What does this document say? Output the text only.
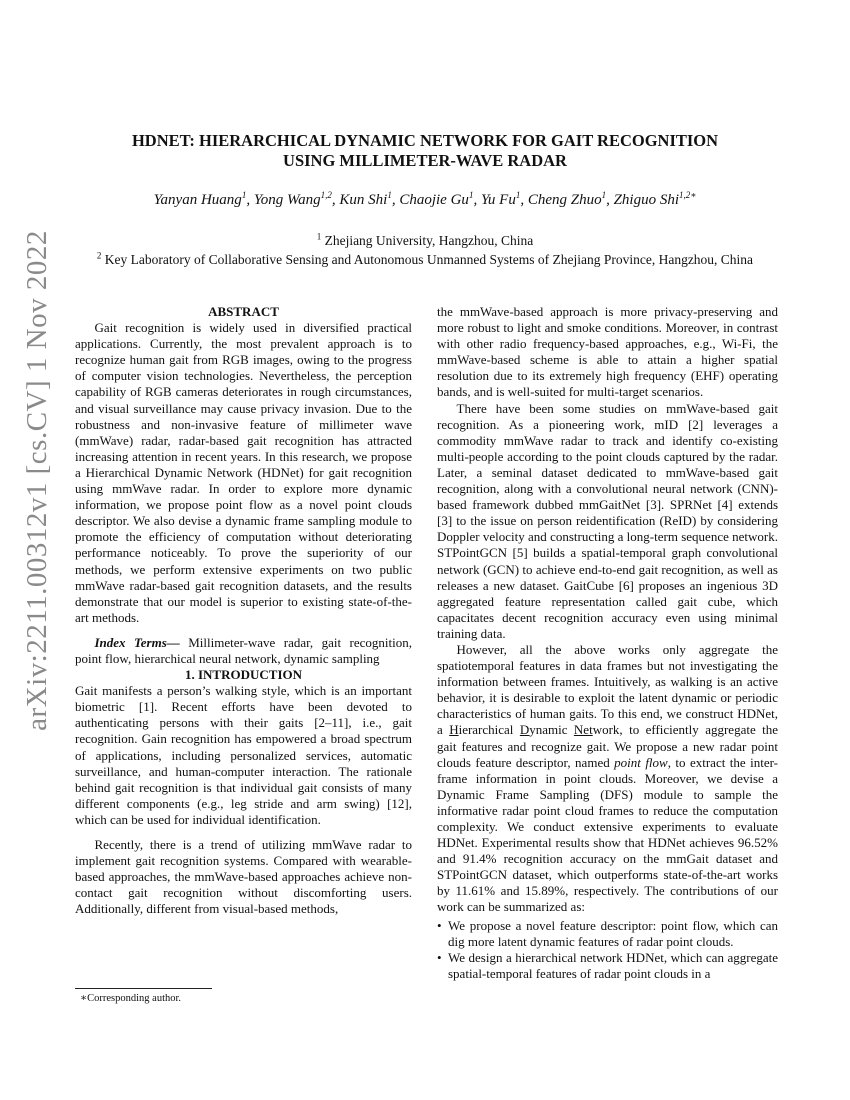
arXiv:2211.00312v1 [cs.CV] 1 Nov 2022
HDNET: HIERARCHICAL DYNAMIC NETWORK FOR GAIT RECOGNITION
USING MILLIMETER-WAVE RADAR
Yanyan Huang$^1$, Yong Wang$^{1,2}$, Kun Shi$^1$, Chaojie Gu$^1$, Yu Fu$^1$, Cheng Zhuo$^1$, Zhiguo Shi$^{1,2∗}$
$^1$ Zhejiang University, Hangzhou, China
$^2$ Key Laboratory of Collaborative Sensing and Autonomous Unmanned Systems of Zhejiang Province, Hangzhou, China

ABSTRACT

Gait recognition is widely used in diversified practical applications. Currently, the most prevalent approach is to recognize human gait from RGB images, owing to the progress of computer vision technologies. Nevertheless, the perception capability of RGB cameras deteriorates in rough circumstances, and visual surveillance may cause privacy invasion. Due to the robustness and non-invasive feature of millimeter wave (mmWave) radar, radar-based gait recognition has attracted increasing attention in recent years. In this research, we propose a Hierarchical Dynamic Network (HDNet) for gait recognition using mmWave radar. In order to explore more dynamic information, we propose point flow as a novel point clouds descriptor. We also devise a dynamic frame sampling module to promote the efficiency of computation without deteriorating performance noticeably. To prove the superiority of our methods, we perform extensive experiments on two public mmWave radar-based gait recognition datasets, and the results demonstrate that our model is superior to existing state-of-the-art methods.

Index Terms— Millimeter-wave radar, gait recognition, point flow, hierarchical neural network, dynamic sampling

1. INTRODUCTION

Gait manifests a person’s walking style, which is an important biometric [1]. Recent efforts have been devoted to authenticating persons with their gaits [2–11], i.e., gait recognition. Gain recognition has empowered a broad spectrum of applications, including personalized services, automatic surveillance, and human-computer interaction. The rationale behind gait recognition is that individual gait consists of many different components (e.g., leg stride and arm swing) [12], which can be used for individual identification.

Recently, there is a trend of utilizing mmWave radar to implement gait recognition systems. Compared with wearable-based approaches, the mmWave-based approaches achieve non-contact gait recognition without discomforting users. Additionally, different from visual-based methods,

the mmWave-based approach is more privacy-preserving and more robust to light and smoke conditions. Moreover, in contrast with other radio frequency-based approaches, e.g., Wi-Fi, the mmWave-based scheme is able to attain a higher spatial resolution due to its extremely high frequency (EHF) operating bands, and is well-suited for multi-target scenarios.

There have been some studies on mmWave-based gait recognition. As a pioneering work, mID [2] leverages a commodity mmWave radar to track and identify co-existing multi-people according to the point clouds captured by the radar. Later, a seminal dataset dedicated to mmWave-based gait recognition, along with a convolutional neural network (CNN)-based framework dubbed mmGaitNet [3]. SPRNet [4] extends [3] to the issue on person reidentification (ReID) by considering Doppler velocity and constructing a long-term sequence network. STPointGCN [5] builds a spatial-temporal graph convolutional network (GCN) to achieve end-to-end gait recognition, as well as releases a new dataset. GaitCube [6] proposes an ingenious 3D aggregated feature representation called gait cube, which capacitates decent recognition accuracy even using minimal training data.

However, all the above works only aggregate the spatiotemporal features in data frames but not investigating the information between frames. Intuitively, as walking is an active behavior, it is desirable to exploit the latent dynamic or periodic characteristics of human gaits. To this end, we construct HDNet, a Hierarchical Dynamic Network, to efficiently aggregate the gait features and recognize gait. We propose a new radar point clouds feature descriptor, named point flow, to extract the inter-frame information in point clouds. Moreover, we devise a Dynamic Frame Sampling (DFS) module to sample the informative radar point cloud frames to reduce the computation complexity. We conduct extensive experiments to evaluate HDNet. Experimental results show that HDNet achieves 96.52% and 91.4% recognition accuracy on the mmGait dataset and STPointGCN dataset, which outperforms state-of-the-art works by 11.61% and 15.89%, respectively. The contributions of our work can be summarized as:

• We propose a novel feature descriptor: point flow, which can dig more latent dynamic features of radar point clouds.
• We design a hierarchical network HDNet, which can aggregate spatial-temporal features of radar point clouds in a
∗Corresponding author.
